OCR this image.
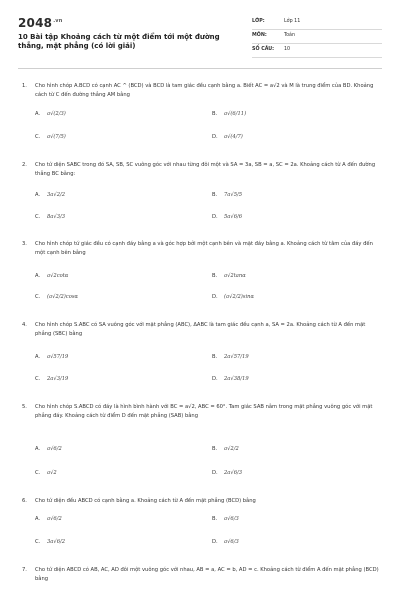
$2048^{.vn}$
10 Bài tập Khoảng cách từ một điểm tới một đường thẳng, mặt phẳng (có lời giải)
LỚP:	Lớp 11
MÔN:	Toán
SỐ CÂU: 10
1. Cho hình chóp A.BCD có cạnh AC ^ (BCD) và BCD là tam giác đều cạnh bằng a. Biết AC = a√2 và M là trung điểm của BD. Khoảng cách từ C đến đường thẳng AM bằng
A. a√(2/3)	B. a√(6/11)
C. a√(7/5)	D. a√(4/7)
2. Cho tứ diện SABC trong đó SA, SB, SC vuông góc với nhau từng đôi một và SA = 3a, SB = a, SC = 2a. Khoảng cách từ A đến đường thẳng BC bằng:
A. 3a√2/2	B. 7a√5/5
C. 8a√3/3	D. 5a√6/6
3. Cho hình chóp tứ giác đều có cạnh đáy bằng a và góc hợp bởi một cạnh bên và mặt đáy bằng a. Khoảng cách từ tâm của đáy đến một cạnh bên bằng
A. a√2cotα	B. a√2tanα
C. (a√2/2)cosα	D. (a√2/2)sinα
4. Cho hình chóp S.ABC có SA vuông góc với mặt phẳng (ABC), ΔABC là tam giác đều cạnh a, SA = 2a. Khoảng cách từ A đến mặt phẳng (SBC) bằng
A. a√57/19	B. 2a√57/19
C. 2a√3/19	D. 2a√38/19
5. Cho hình chóp S.ABCD có đáy là hình bình hành với BC = a√2, ABC = 60°. Tam giác SAB nằm trong mặt phẳng vuông góc với mặt phẳng đáy. Khoảng cách từ điểm D đến mặt phẳng (SAB) bằng
A. a√6/2	B. a√2/2
C. a√2	D. 2a√6/3
6. Cho tứ diện đều ABCD có cạnh bằng a. Khoảng cách từ A đến mặt phẳng (BCD) bằng
A. a√6/2	B. a√6/3
C. 3a√6/2	D. a√6/3
7. Cho tứ diện ABCD có AB, AC, AD đôi một vuông góc với nhau, AB = a, AC = b, AD = c. Khoảng cách từ điểm A đến mặt phẳng (BCD) bằng
